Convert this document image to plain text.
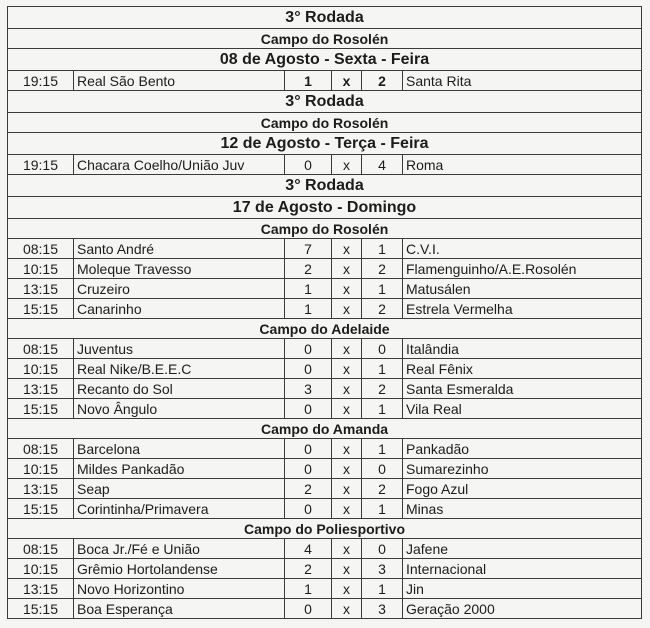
3° Rodada					
Campo do Rosolén					
08 de Agosto - Sexta - Feira					
19:15	Real São Bento	1	x	2	Santa Rita
3° Rodada					
Campo do Rosolén					
12 de Agosto - Terça - Feira					
19:15	Chacara Coelho/União Juv	0	x	4	Roma
3° Rodada					
17 de Agosto - Domingo					
Campo do Rosolén					
08:15	Santo André	7	x	1	C.V.I.
10:15	Moleque Travesso	2	x	2	Flamenguinho/A.E.Rosolén
13:15	Cruzeiro	1	x	1	Matusálen
15:15	Canarinho	1	x	2	Estrela Vermelha
Campo do Adelaide					
08:15	Juventus	0	x	0	Italândia
10:15	Real Nike/B.E.E.C	0	x	1	Real Fênix
13:15	Recanto do Sol	3	x	2	Santa Esmeralda
15:15	Novo Ângulo	0	x	1	Vila Real
Campo do Amanda					
08:15	Barcelona	0	x	1	Pankadão
10:15	Mildes Pankadão	0	x	0	Sumarezinho
13:15	Seap	2	x	2	Fogo Azul
15:15	Corintinha/Primavera	0	x	1	Minas
Campo do Poliesportivo					
08:15	Boca Jr./Fé e União	4	x	0	Jafene
10:15	Grêmio Hortolandense	2	x	3	Internacional
13:15	Novo Horizontino	1	x	1	Jin
15:15	Boa Esperança	0	x	3	Geração 2000
